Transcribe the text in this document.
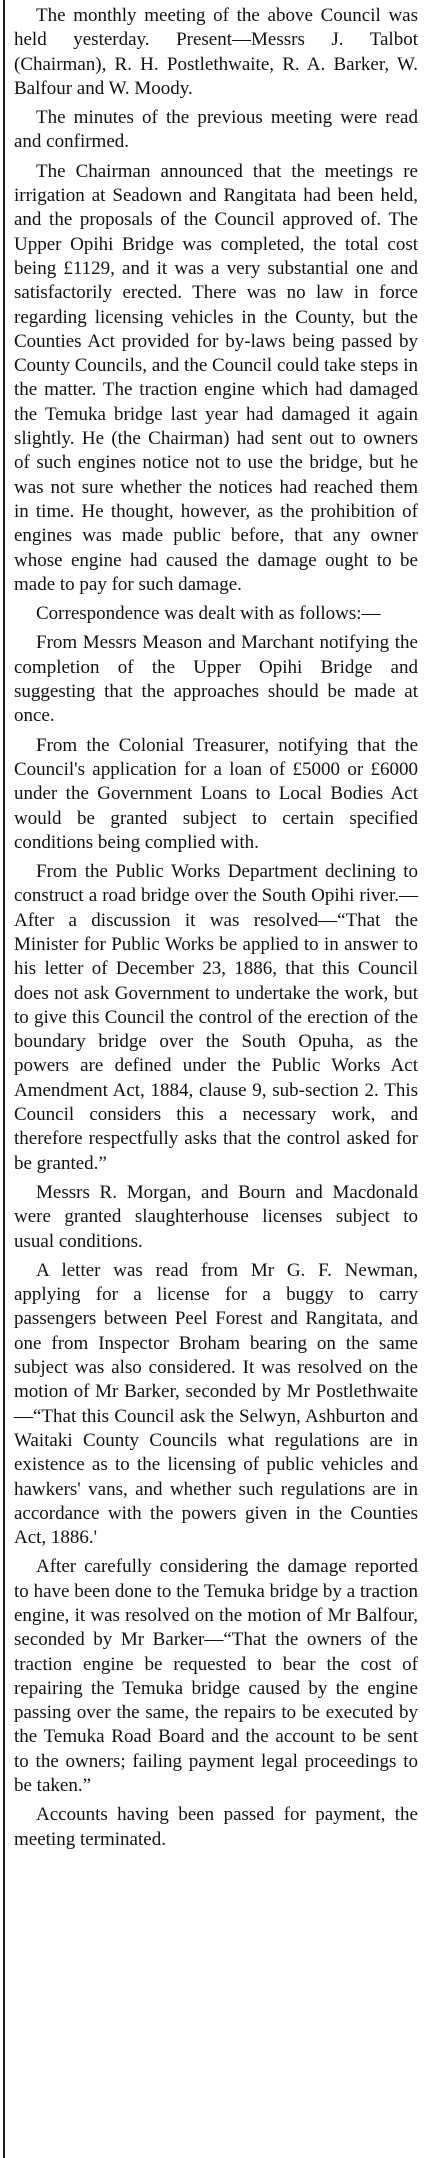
The monthly meeting of the above Council was held yesterday. Present—Messrs J. Talbot (Chairman), R. H. Postlethwaite, R. A. Barker, W. Balfour and W. Moody.

The minutes of the previous meeting were read and confirmed.

The Chairman announced that the meetings re irrigation at Seadown and Rangitata had been held, and the proposals of the Council approved of. The Upper Opihi Bridge was completed, the total cost being £1129, and it was a very substantial one and satisfactorily erected. There was no law in force regarding licensing vehicles in the County, but the Counties Act provided for by-laws being passed by County Councils, and the Council could take steps in the matter. The traction engine which had damaged the Temuka bridge last year had damaged it again slightly. He (the Chairman) had sent out to owners of such engines notice not to use the bridge, but he was not sure whether the notices had reached them in time. He thought, however, as the prohibition of engines was made public before, that any owner whose engine had caused the damage ought to be made to pay for such damage.

Correspondence was dealt with as follows:—

From Messrs Meason and Marchant notifying the completion of the Upper Opihi Bridge and suggesting that the approaches should be made at once.

From the Colonial Treasurer, notifying that the Council's application for a loan of £5000 or £6000 under the Government Loans to Local Bodies Act would be granted subject to certain specified conditions being complied with.

From the Public Works Department declining to construct a road bridge over the South Opihi river.—After a discussion it was resolved—“That the Minister for Public Works be applied to in answer to his letter of December 23, 1886, that this Council does not ask Government to undertake the work, but to give this Council the control of the erection of the boundary bridge over the South Opuha, as the powers are defined under the Public Works Act Amendment Act, 1884, clause 9, sub-section 2. This Council considers this a necessary work, and therefore respectfully asks that the control asked for be granted.”

Messrs R. Morgan, and Bourn and Macdonald were granted slaughterhouse licenses subject to usual conditions.

A letter was read from Mr G. F. Newman, applying for a license for a buggy to carry passengers between Peel Forest and Rangitata, and one from Inspector Broham bearing on the same subject was also considered. It was resolved on the motion of Mr Barker, seconded by Mr Postlethwaite—“That this Council ask the Selwyn, Ashburton and Waitaki County Councils what regulations are in existence as to the licensing of public vehicles and hawkers' vans, and whether such regulations are in accordance with the powers given in the Counties Act, 1886.'

After carefully considering the damage reported to have been done to the Temuka bridge by a traction engine, it was resolved on the motion of Mr Balfour, seconded by Mr Barker—“That the owners of the traction engine be requested to bear the cost of repairing the Temuka bridge caused by the engine passing over the same, the repairs to be executed by the Temuka Road Board and the account to be sent to the owners; failing payment legal proceedings to be taken.”

Accounts having been passed for payment, the meeting terminated.
